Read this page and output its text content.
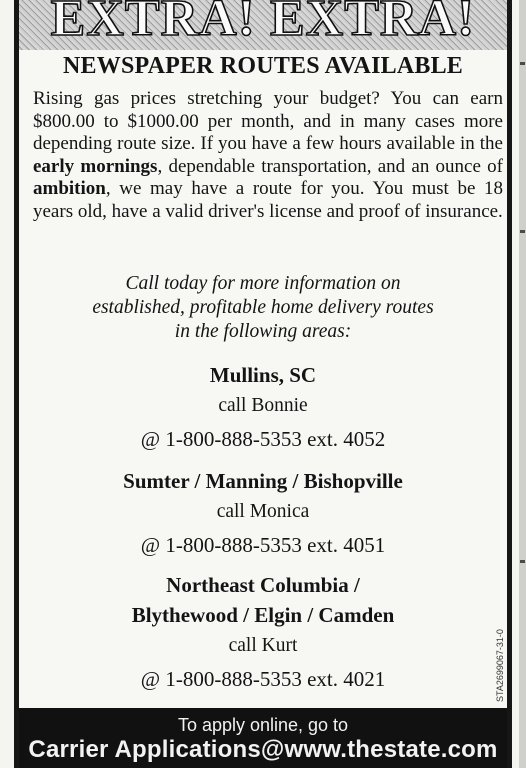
EXTRA! EXTRA!
NEWSPAPER ROUTES AVAILABLE
Rising gas prices stretching your budget? You can earn $800.00 to $1000.00 per month, and in many cases more depending route size. If you have a few hours available in the early mornings, dependable transportation, and an ounce of ambition, we may have a route for you. You must be 18 years old, have a valid driver's license and proof of insurance.
Call today for more information on
established, profitable home delivery routes
in the following areas:
Mullins, SC
call Bonnie
@ 1-800-888-5353 ext. 4052
Sumter / Manning / Bishopville
call Monica
@ 1-800-888-5353 ext. 4051
Northeast Columbia /
Blythewood / Elgin / Camden
call Kurt
@ 1-800-888-5353 ext. 4021	STA2699067-31-0
To apply online, go to
Carrier Applications@www.thestate.com
